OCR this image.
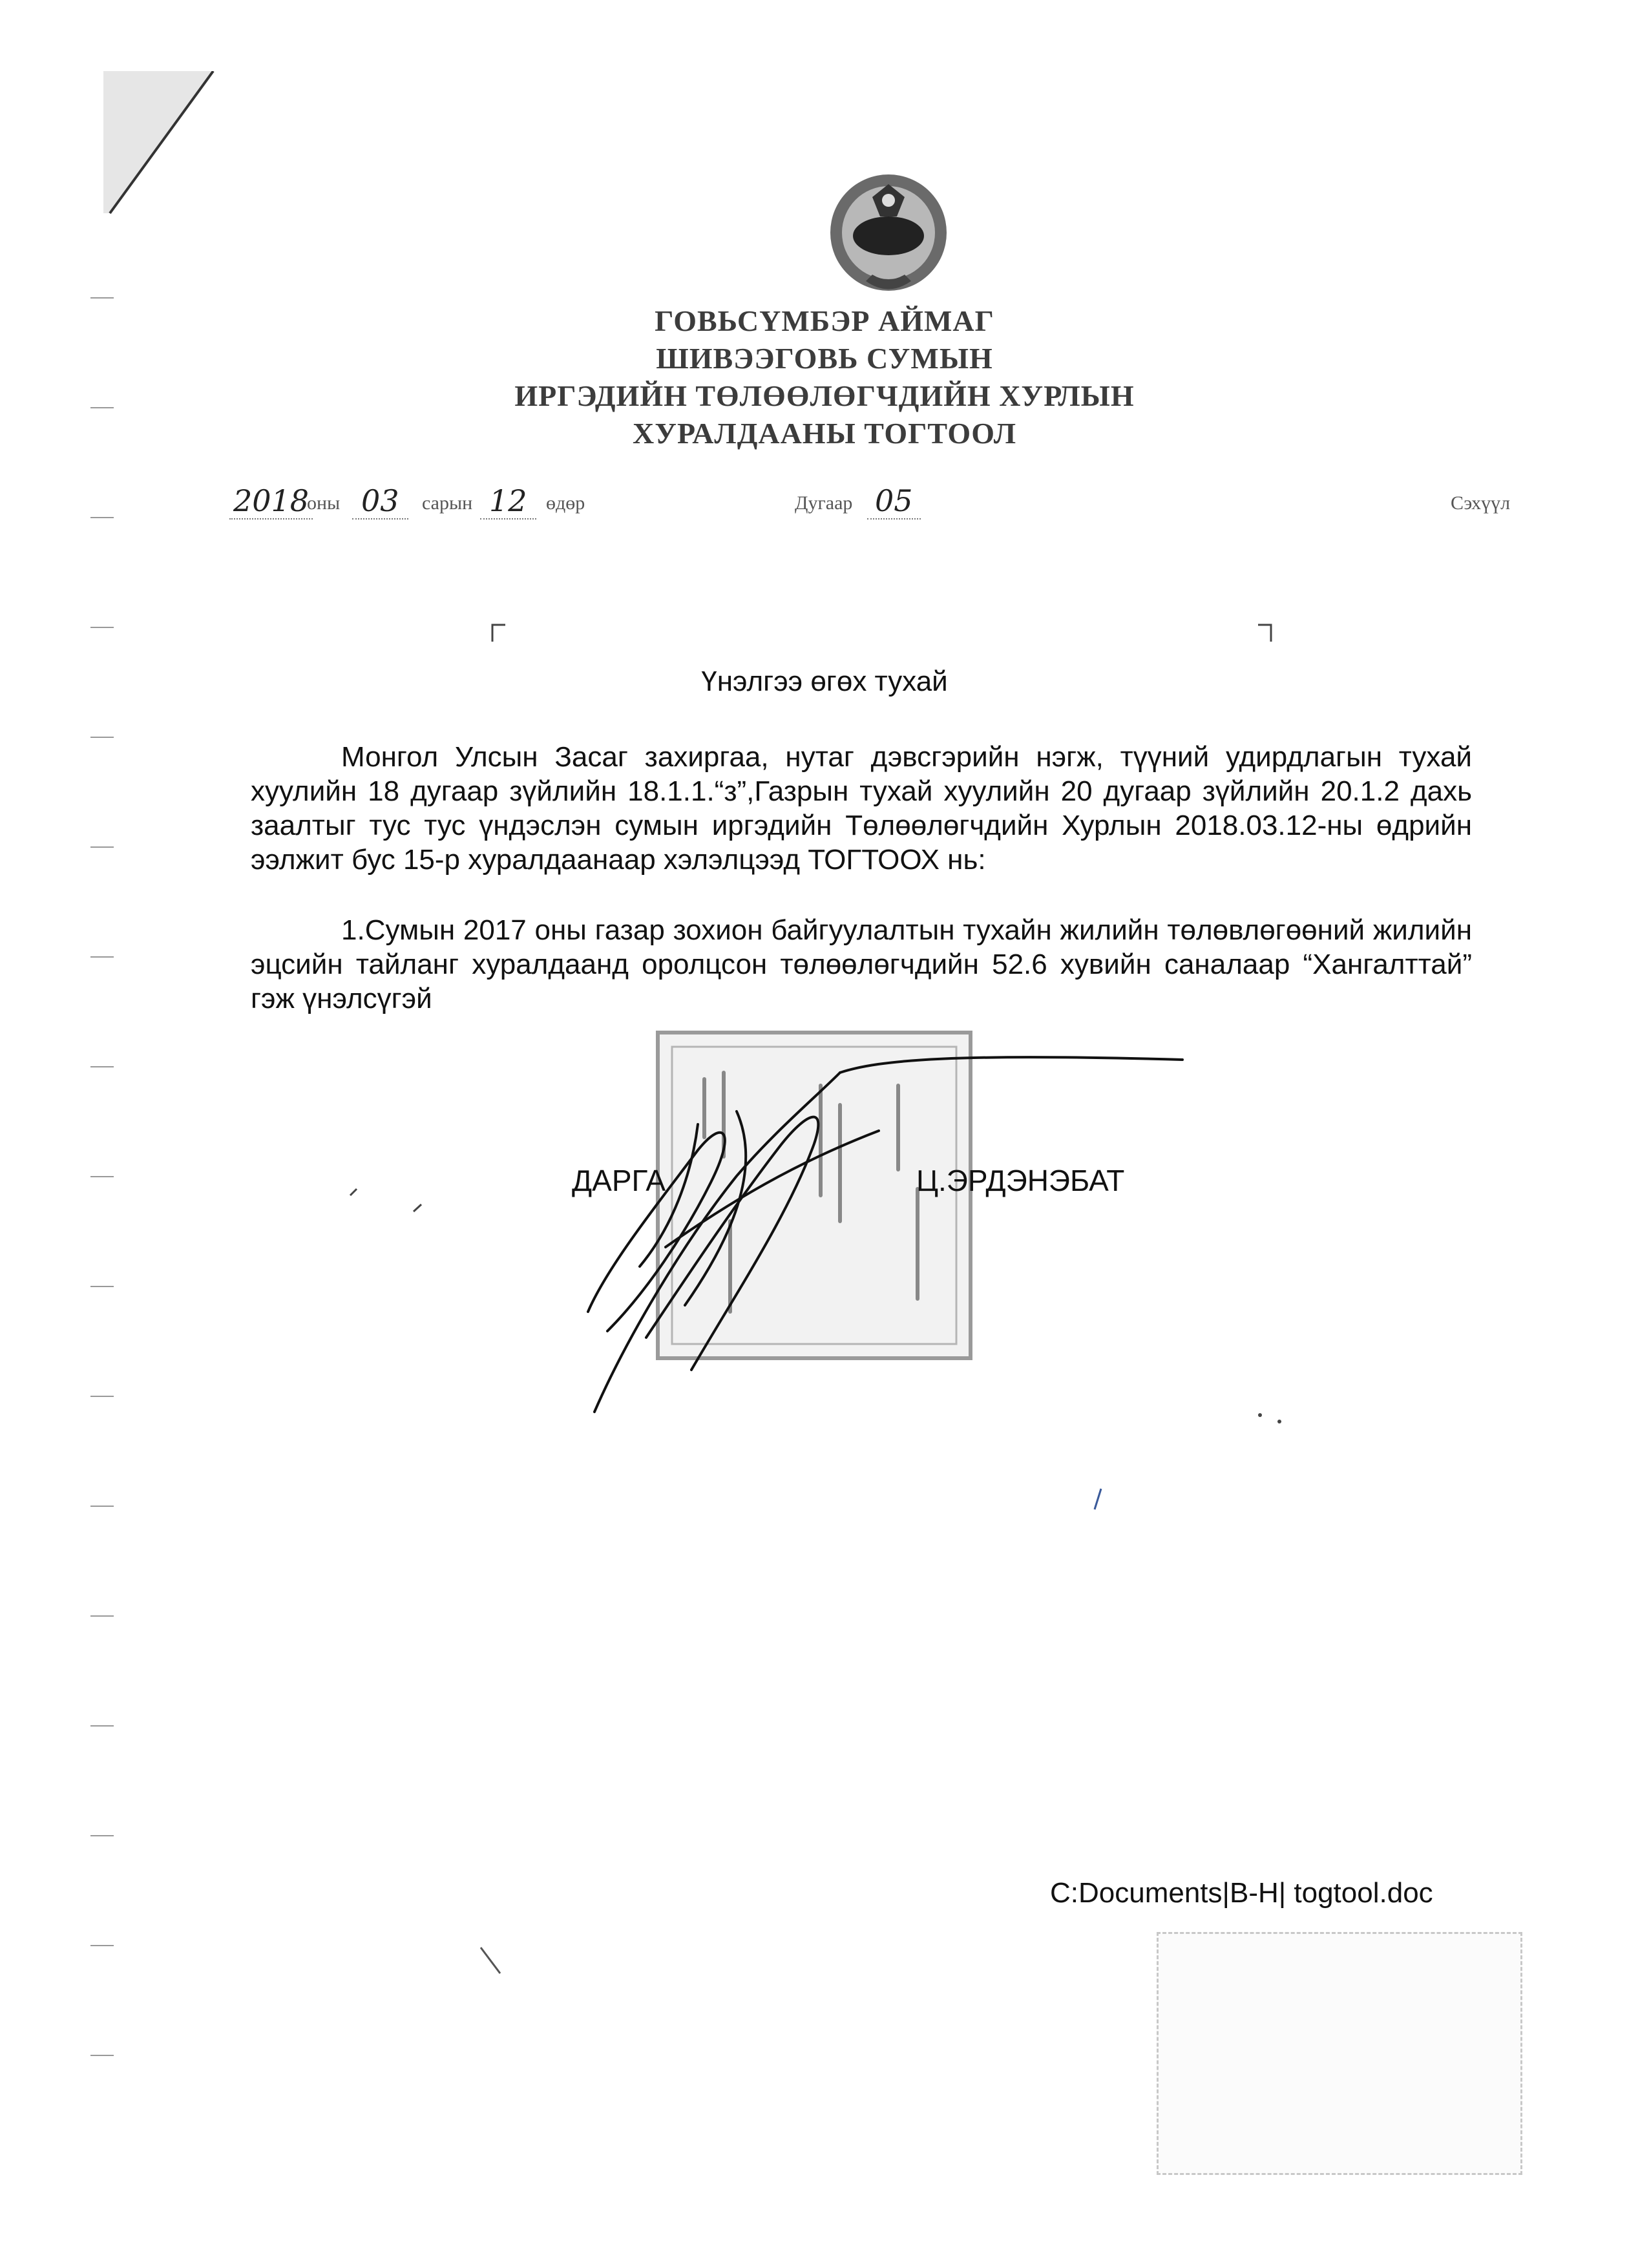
ГОВЬСҮМБЭР АЙМАГ
ШИВЭЭГОВЬ СУМЫН
ИРГЭДИЙН ТӨЛӨӨЛӨГЧДИЙН ХУРЛЫН
ХУРАЛДААНЫ ТОГТООЛ
2018
оны 03	сарын 12 өдөр	Дугаар 05	Сэхүүл
Үнэлгээ өгөх тухай
Монгол Улсын Засаг захиргаа, нутаг дэвсгэрийн нэгж, түүний удирдлагын тухай хуулийн 18 дугаар зүйлийн 18.1.1.“з”,Газрын тухай хуулийн 20 дугаар зүйлийн 20.1.2 дахь заалтыг тус тус үндэслэн сумын иргэдийн Төлөөлөгчдийн Хурлын 2018.03.12-ны өдрийн ээлжит бус 15-р хуралдаанаар хэлэлцээд ТОГТООХ нь:
1.Сумын 2017 оны газар зохион байгуулалтын тухайн жилийн төлөвлөгөөний жилийн эцсийн тайланг хуралдаанд оролцсон төлөөлөгчдийн 52.6 хувийн саналаар “Хангалттай” гэж үнэлсүгэй
ДАРГА	Ц.ЭРДЭНЭБАТ
C:Documents|B-H| togtool.doc
